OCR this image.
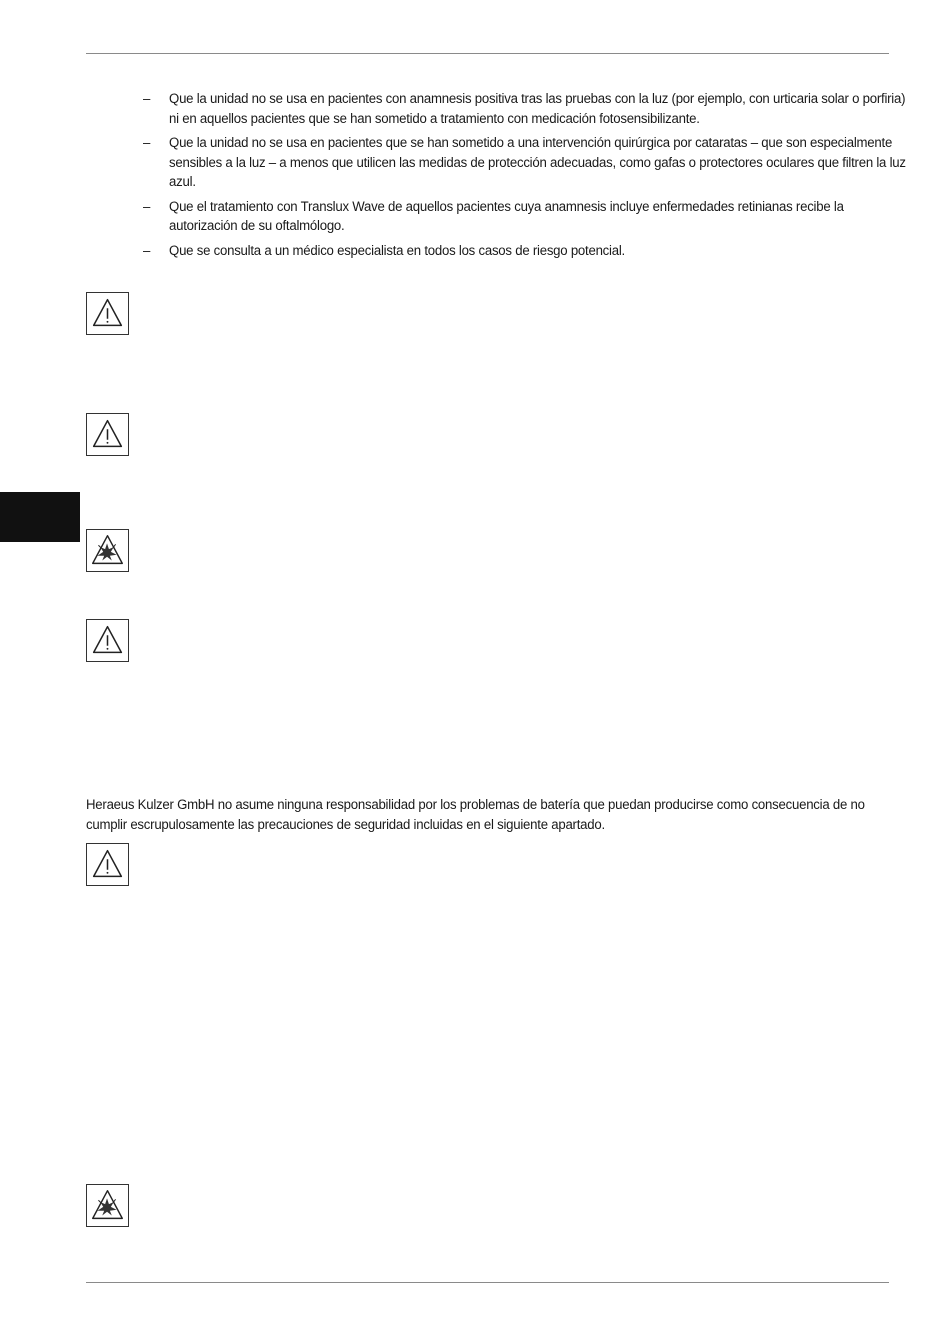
– Que la unidad no se usa en pacientes con anamnesis positiva tras las pruebas con la luz (por ejemplo, con urticaria solar o porfiria) ni en aquellos pacientes que se han sometido a tratamiento con medicación fotosensibilizante.
– Que la unidad no se usa en pacientes que se han sometido a una intervención quirúrgica por cataratas – que son especialmente sensibles a la luz – a menos que utilicen las medidas de protección adecuadas, como gafas o protectores oculares que filtren la luz azul.
– Que el tratamiento con Translux Wave de aquellos pacientes cuya anamnesis incluye enfermedades retinianas recibe la autorización de su oftalmólogo.
– Que se consulta a un médico especialista en todos los casos de riesgo potencial.

Heraeus Kulzer GmbH no asume ninguna responsabilidad por los problemas de batería que puedan producirse como consecuencia de no cumplir escrupulosamente las precauciones de seguridad incluidas en el siguiente apartado.
